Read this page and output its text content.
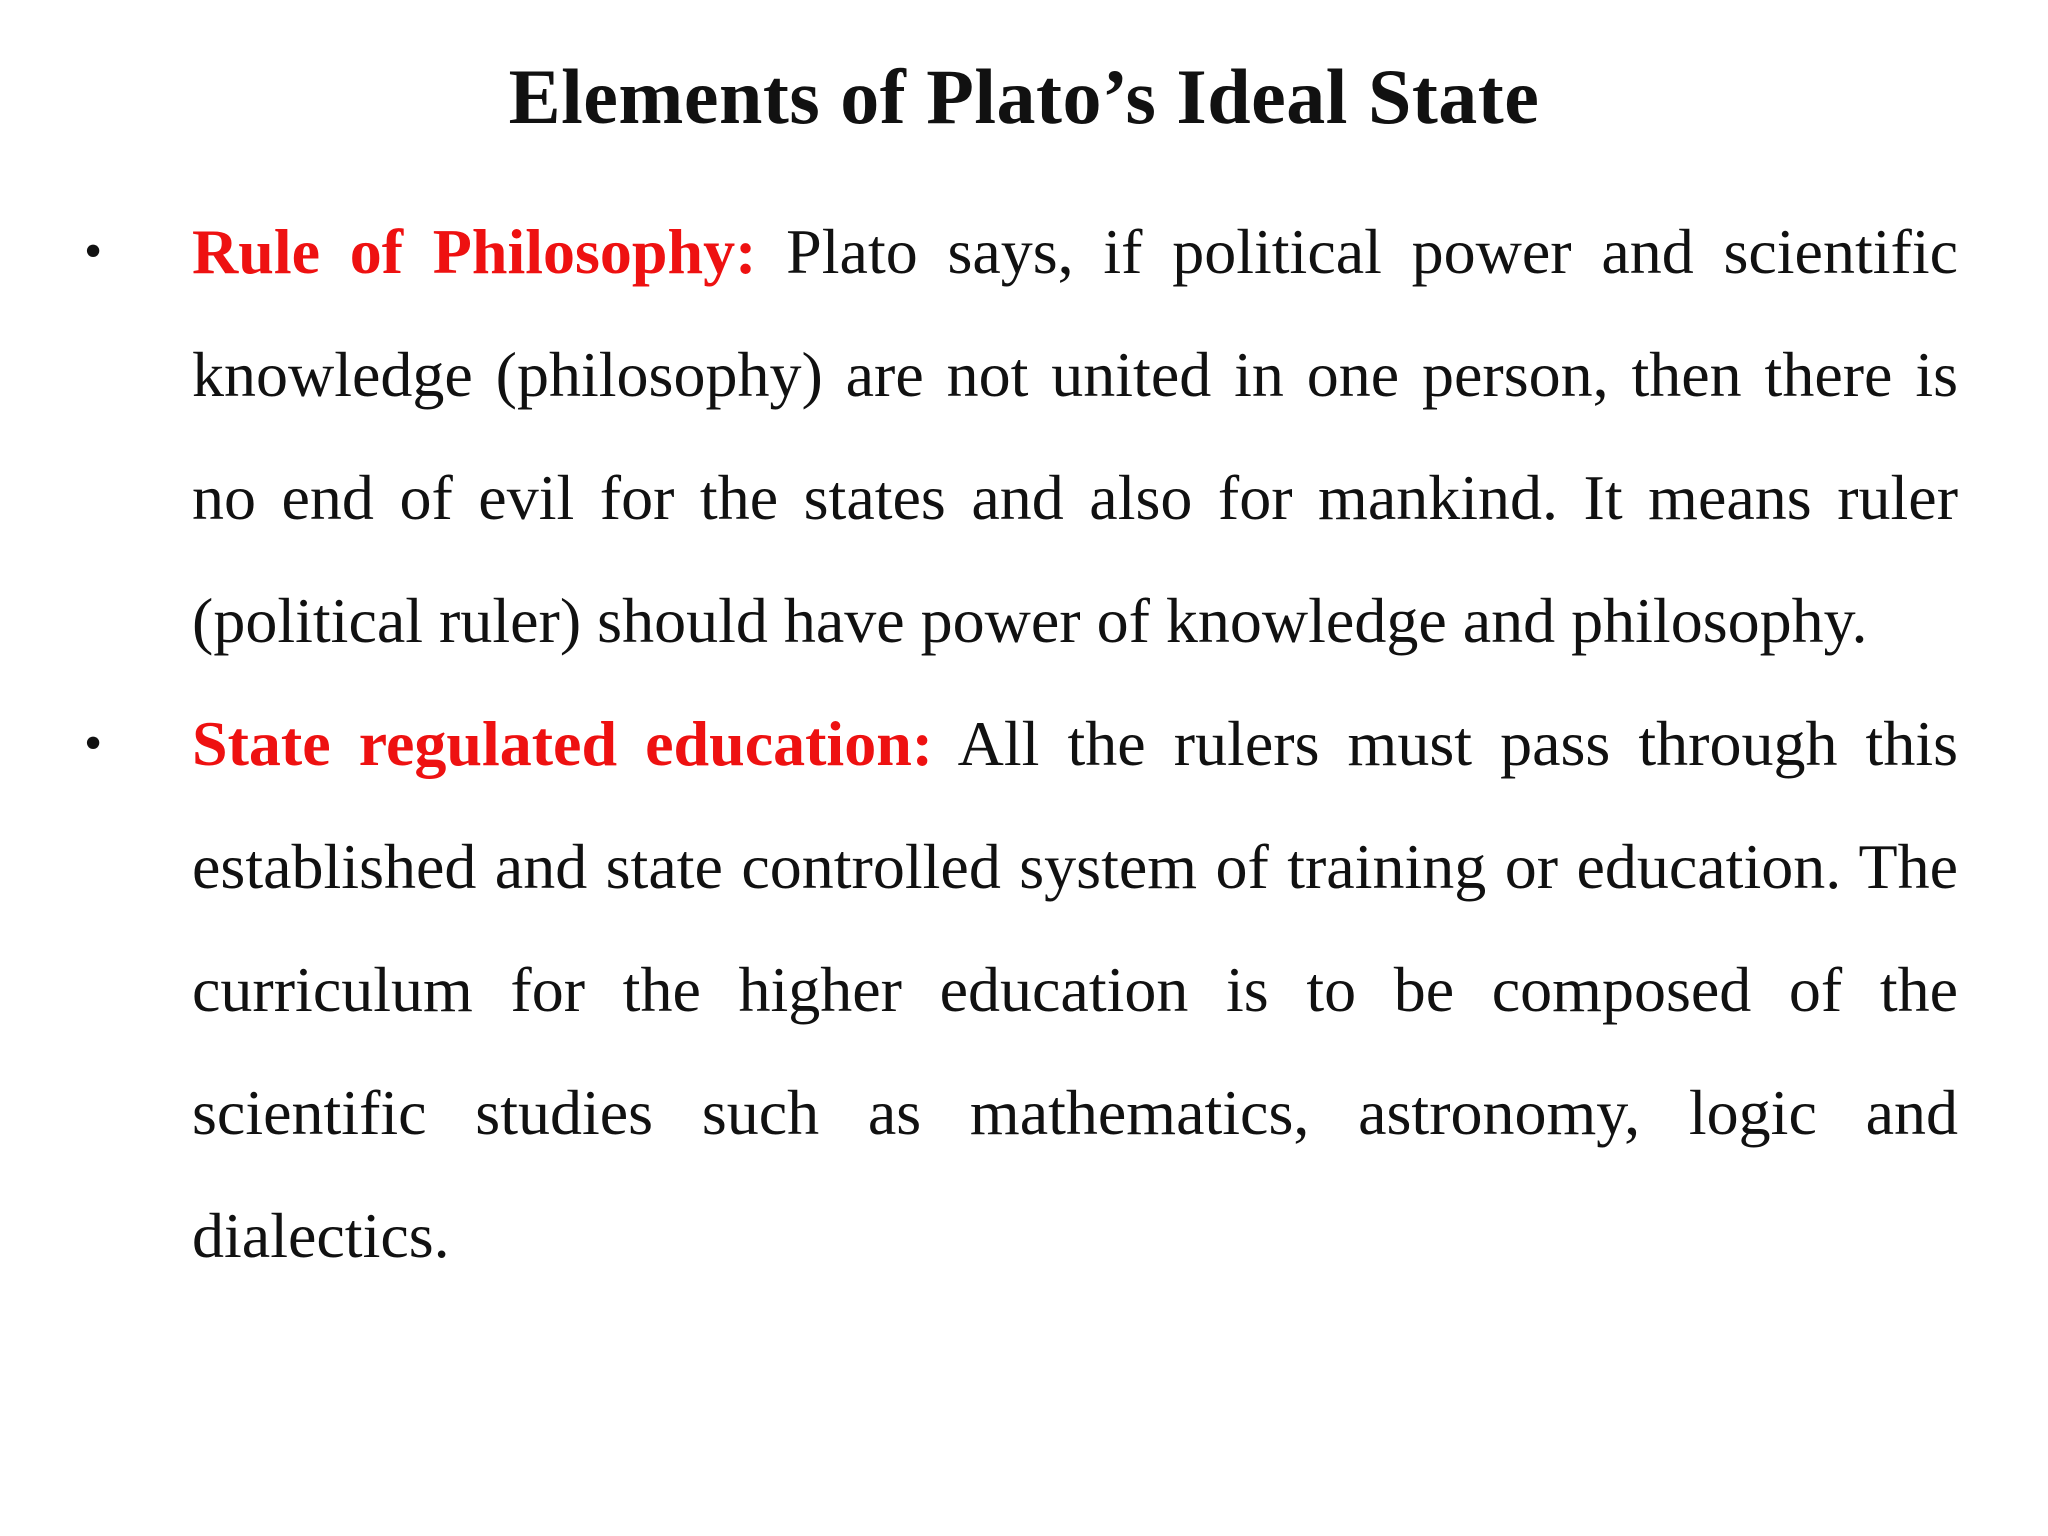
Elements of Plato’s Ideal State
• Rule of Philosophy: Plato says, if political power and scientific knowledge (philosophy) are not united in one person, then there is no end of evil for the states and also for mankind. It means ruler (political ruler) should have power of knowledge and philosophy.
• State regulated education: All the rulers must pass through this established and state controlled system of training or education. The curriculum for the higher education is to be composed of the scientific studies such as mathematics, astronomy, logic and dialectics.
